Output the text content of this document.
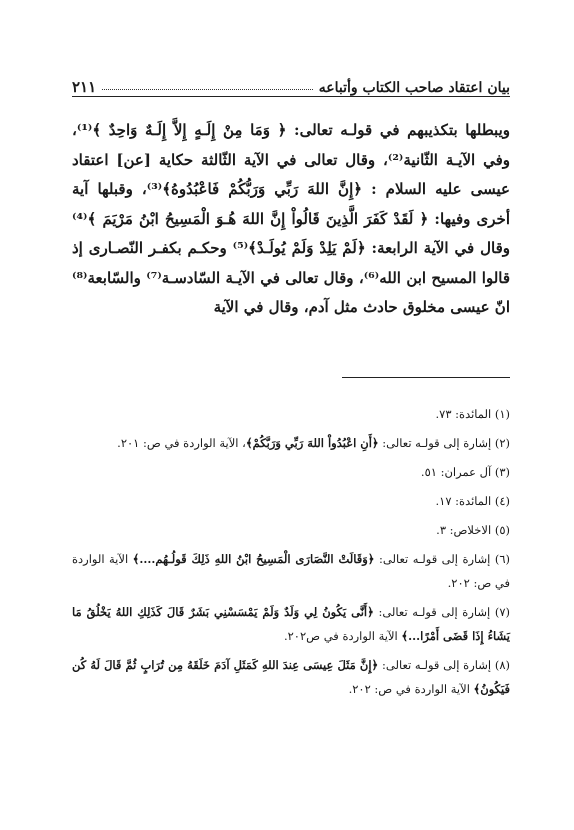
بيان اعتقاد صاحب الكتاب وأتباعه
٢١١

ويبطلها بتكذيبهم في قولـه تعالى: ﴿ وَمَا مِنْ إِلَـهٍ إِلاَّ إِلَـهٌ وَاحِدٌ ﴾⁽¹⁾، وفي الآيـة الثّانية⁽²⁾، وقال تعالى في الآية الثّالثة حكاية [عن] اعتقاد عيسى عليه السلام : ﴿إِنَّ اللهَ رَبِّي وَرَبُّكُمْ فَاعْبُدُوهُ﴾⁽³⁾، وقبلها آية أخرى وفيها: ﴿ لَقَدْ كَفَرَ الَّذِينَ قَالُواْ إِنَّ اللهَ هُـوَ الْمَسِيحُ ابْنُ مَرْيَمَ ﴾⁽⁴⁾ وقال في الآية الرابعة: ﴿لَمْ يَلِدْ وَلَمْ يُولَـدْ﴾⁽⁵⁾ وحكـم بكفـر النّصـارى إذ قالوا المسيح ابن الله⁽⁶⁾، وقال تعالى في الآيـة السّادسـة⁽⁷⁾ والسّابعة⁽⁸⁾ انّ عيسى مخلوق حادث مثل آدم، وقال في الآية

(١) المائدة: ٧٣.

(٢) إشارة إلى قولـه تعالى: ﴿أَنِ اعْبُدُواْ اللهَ رَبِّي وَرَبَّكُمْ﴾، الآية الواردة في ص: ٢٠١.

(٣) آل عمران: ٥١.

(٤) المائدة: ١٧.

(٥) الاخلاص: ٣.

(٦) إشارة إلى قولـه تعالى: ﴿وَقَالَتْ النَّصَارَى الْمَسِيحُ ابْنُ اللهِ ذَلِكَ قَولُـهُم....﴾ الآية الواردة في ص: ٢٠٢.

(٧) إشارة إلى قولـه تعالى: ﴿أَنَّى يَكُونُ لِي وَلَدٌ وَلَمْ يَمْسَسْنِي بَشَرٌ قَالَ كَذَلِكِ اللهُ يَخْلُقُ مَا يَشَاءُ إِذَا قَضَى أَمْرًا...﴾ الآية الواردة في ص٢٠٢.

(٨) إشارة إلى قولـه تعالى: ﴿إِنَّ مَثَلَ عِيسَى عِندَ اللهِ كَمَثَلِ آدَمَ خَلَقَهُ مِن تُرَابٍ ثُمَّ قَالَ لَهُ كُن فَيَكُونُ﴾ الآية الواردة في ص: ٢٠٢.
